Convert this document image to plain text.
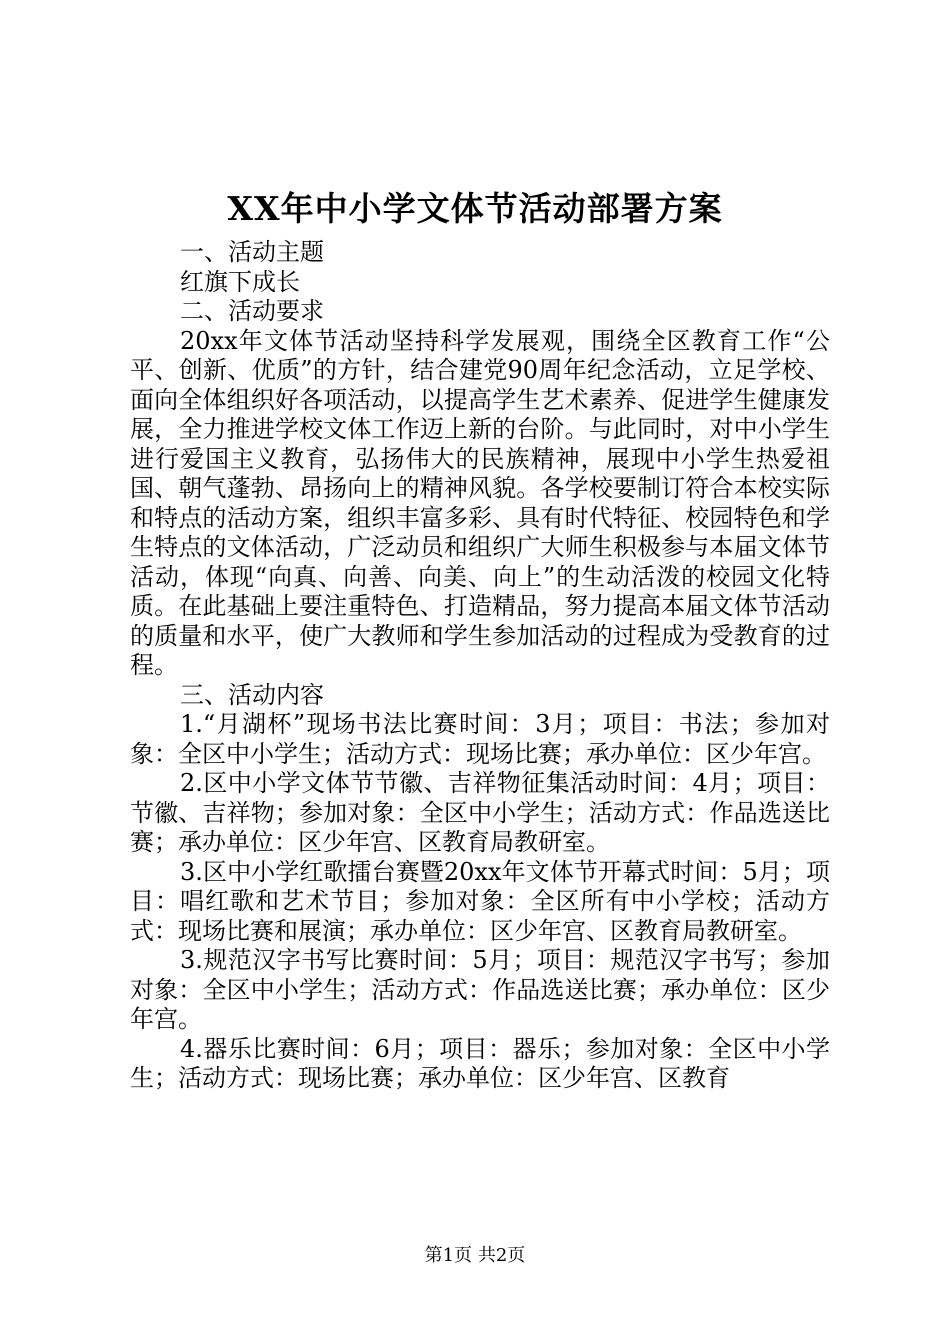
XX年中小学文体节活动部署方案

一、活动主题

红旗下成长

二、活动要求

20xx年文体节活动坚持科学发展观，围绕全区教育工作“公平、创新、优质”的方针，结合建党90周年纪念活动，立足学校、面向全体组织好各项活动，以提高学生艺术素养、促进学生健康发展，全力推进学校文体工作迈上新的台阶。与此同时，对中小学生进行爱国主义教育，弘扬伟大的民族精神，展现中小学生热爱祖国、朝气蓬勃、昂扬向上的精神风貌。各学校要制订符合本校实际和特点的活动方案，组织丰富多彩、具有时代特征、校园特色和学生特点的文体活动，广泛动员和组织广大师生积极参与本届文体节活动，体现“向真、向善、向美、向上”的生动活泼的校园文化特质。在此基础上要注重特色、打造精品，努力提高本届文体节活动的质量和水平，使广大教师和学生参加活动的过程成为受教育的过程。

三、活动内容

1.“月湖杯”现场书法比赛时间：3月；项目：书法；参加对象：全区中小学生；活动方式：现场比赛；承办单位：区少年宫。

2.区中小学文体节节徽、吉祥物征集活动时间：4月；项目：节徽、吉祥物；参加对象：全区中小学生；活动方式：作品选送比赛；承办单位：区少年宫、区教育局教研室。

3.区中小学红歌擂台赛暨20xx年文体节开幕式时间：5月；项目：唱红歌和艺术节目；参加对象：全区所有中小学校；活动方式：现场比赛和展演；承办单位：区少年宫、区教育局教研室。

3.规范汉字书写比赛时间：5月；项目：规范汉字书写；参加对象：全区中小学生；活动方式：作品选送比赛；承办单位：区少年宫。

4.器乐比赛时间：6月；项目：器乐；参加对象：全区中小学生；活动方式：现场比赛；承办单位：区少年宫、区教育

第1页 共2页
